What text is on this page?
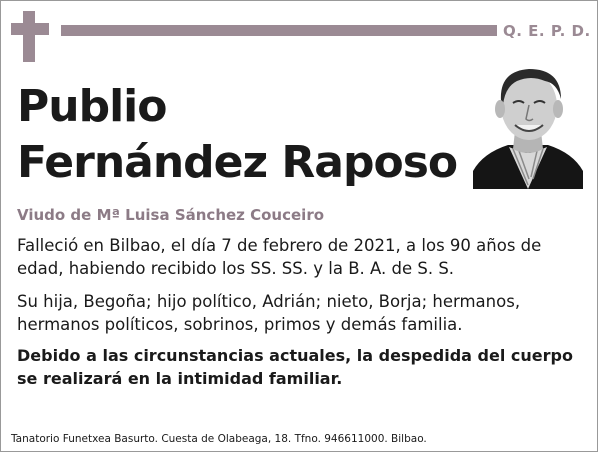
Q. E. P. D.
Publio
Fernández Raposo
Viudo de Mª Luisa Sánchez Couceiro

Falleció en Bilbao, el día 7 de febrero de 2021, a los 90 años de edad, habiendo recibido los SS. SS. y la B. A. de S. S.

Su hija, Begoña; hijo político, Adrián; nieto, Borja; hermanos, hermanos políticos, sobrinos, primos y demás familia.

Debido a las circunstancias actuales, la despedida del cuerpo se realizará en la intimidad familiar.

Tanatorio Funetxea Basurto. Cuesta de Olabeaga, 18. Tfno. 946611000. Bilbao.
